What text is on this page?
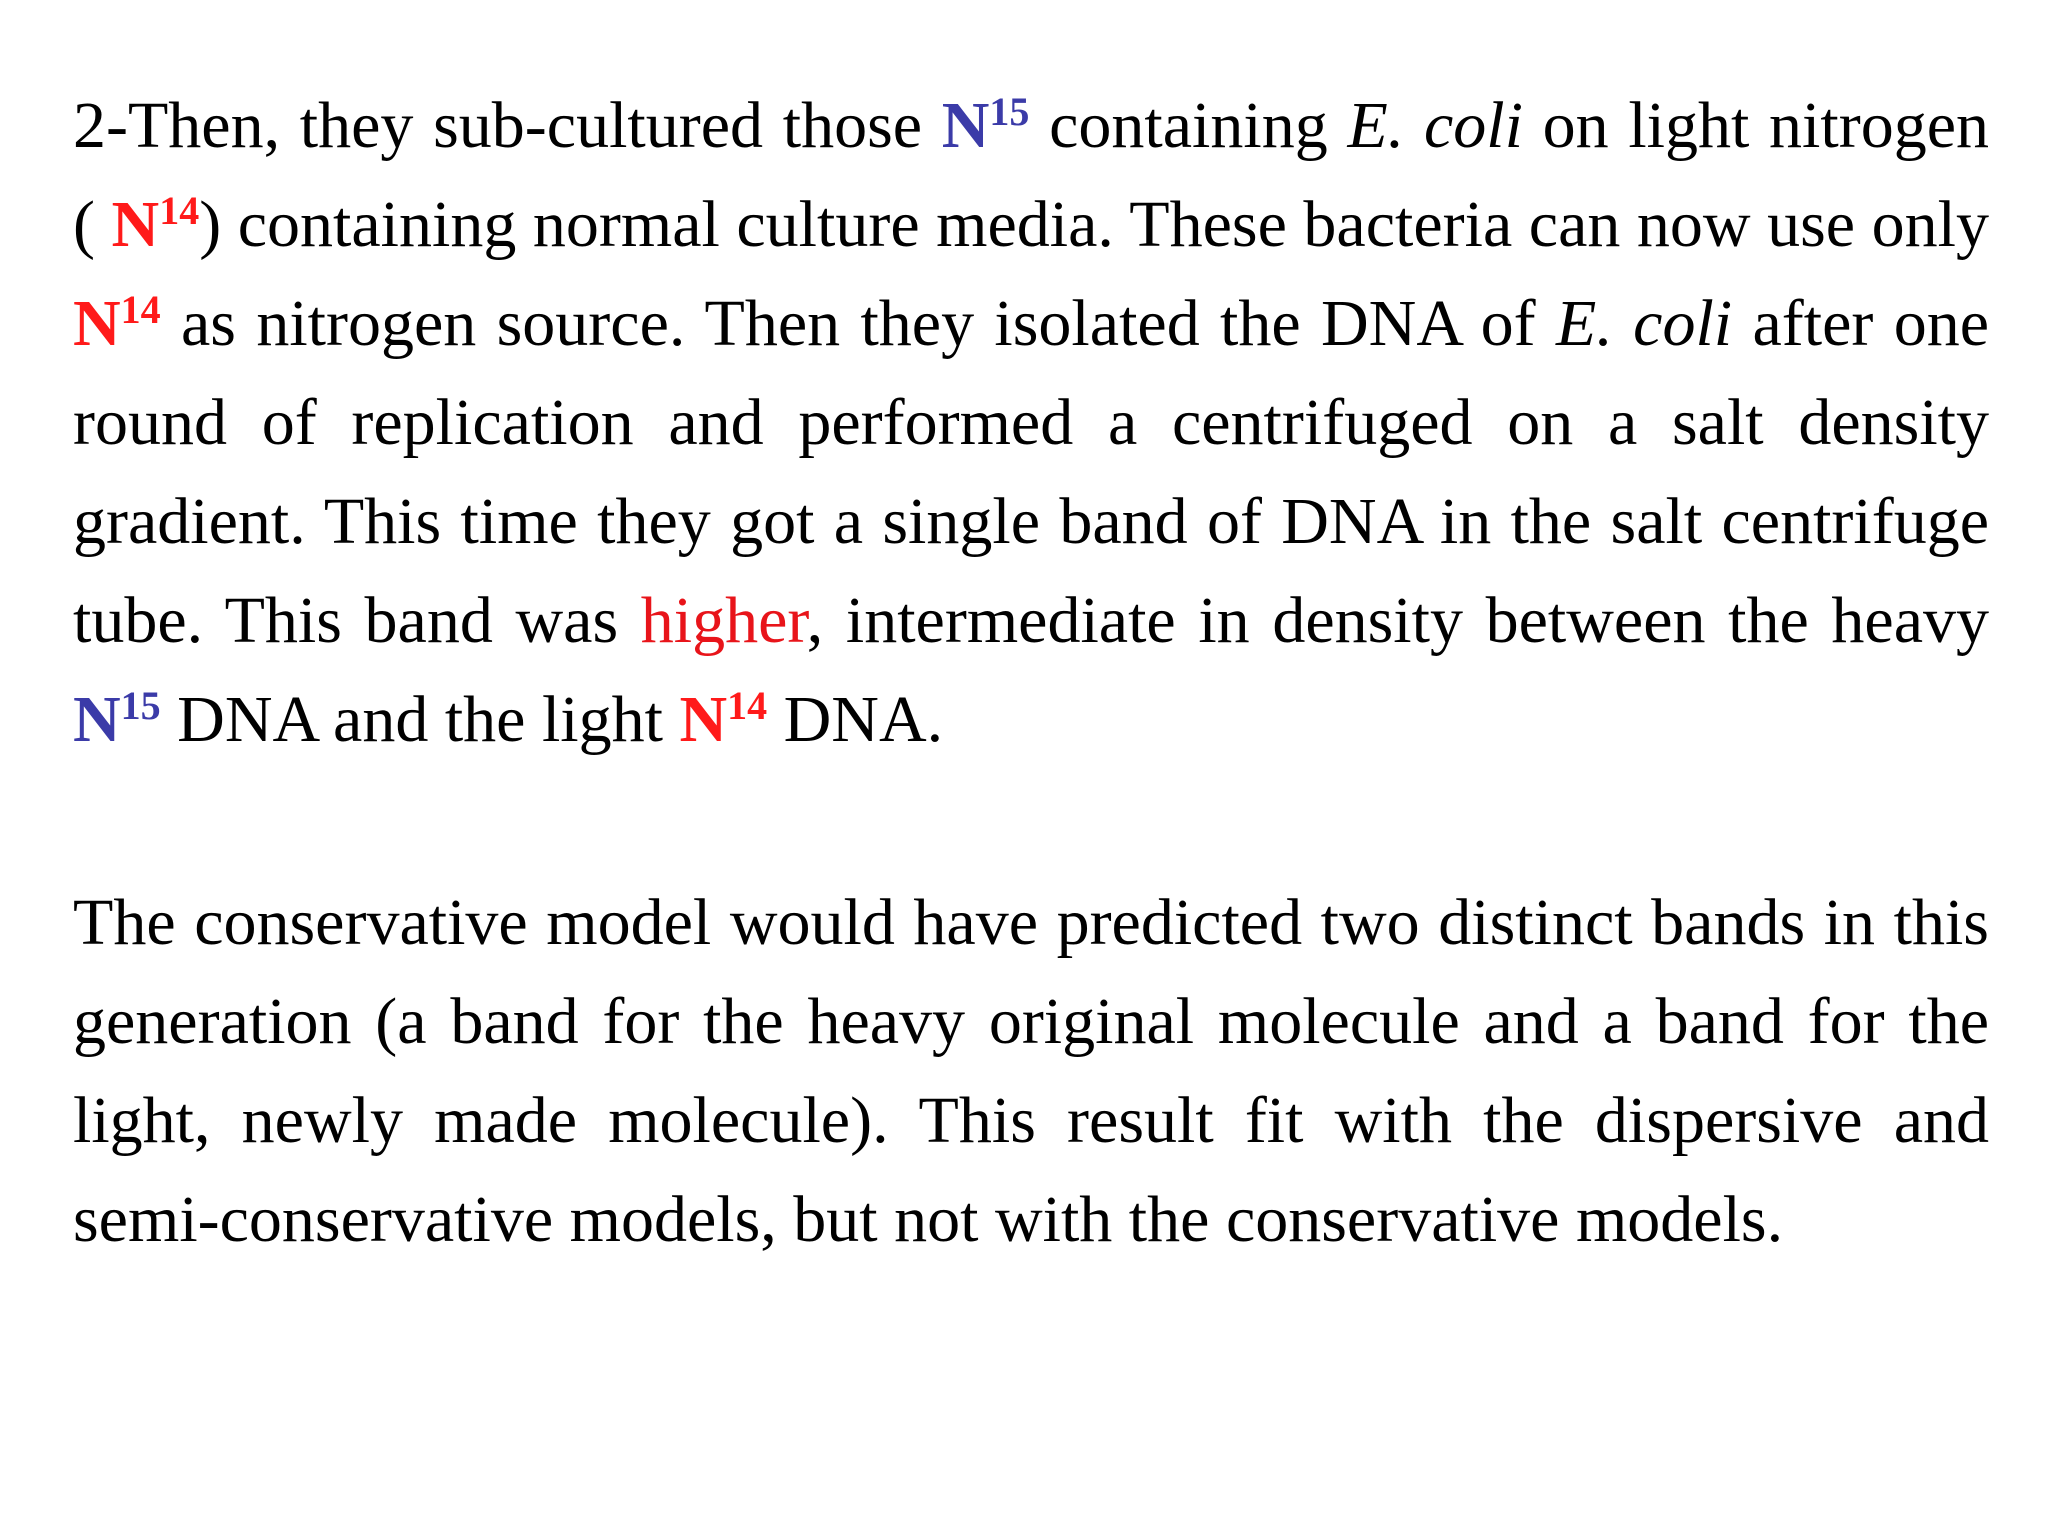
2-Then, they sub-cultured those $N^{15}$ containing E. coli on light nitrogen ( $N^{14}$) containing normal culture media. These bacteria can now use only $N^{14}$ as nitrogen source. Then they isolated the DNA of E. coli after one round of replication and performed a centrifuged on a salt density gradient. This time they got a single band of DNA in the salt centrifuge tube. This band was higher, intermediate in density between the heavy $N^{15}$ DNA and the light $N^{14}$ DNA.

The conservative model would have predicted two distinct bands in this generation (a band for the heavy original molecule and a band for the light, newly made molecule). This result fit with the dispersive and semi-conservative models, but not with the conservative models.
